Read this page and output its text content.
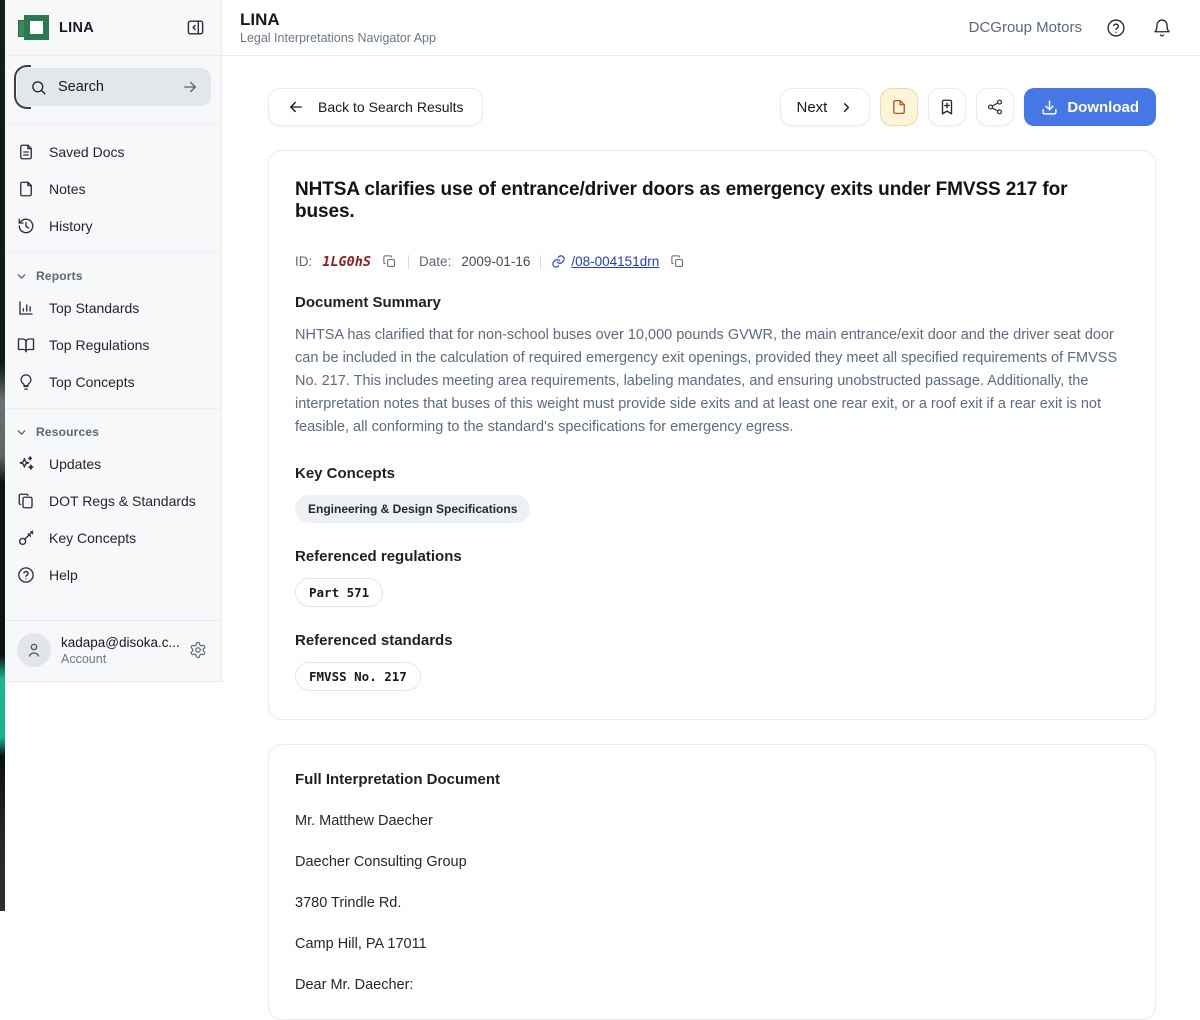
LINA
Search
Saved Docs
Notes
History
Reports
Top Standards
Top Regulations
Top Concepts
Resources
Updates
DOT Regs & Standards
Key Concepts
Help
kadapa@disoka.c...
Account
LINA
Legal Interpretations Navigator App
DCGroup Motors
Back to Search Results	Next	Download
NHTSA clarifies use of entrance/driver doors as emergency exits under FMVSS 217 for buses.
ID: 1LG0hS	Date: 2009-01-16	/08-004151drn
Document Summary

NHTSA has clarified that for non-school buses over 10,000 pounds GVWR, the main entrance/exit door and the driver seat door can be included in the calculation of required emergency exit openings, provided they meet all specified requirements of FMVSS No. 217. This includes meeting area requirements, labeling mandates, and ensuring unobstructed passage. Additionally, the interpretation notes that buses of this weight must provide side exits and at least one rear exit, or a roof exit if a rear exit is not feasible, all conforming to the standard's specifications for emergency egress.

Key Concepts
Engineering & Design Specifications
Referenced regulations
Part 571
Referenced standards
FMVSS No. 217
Full Interpretation Document

Mr. Matthew Daecher

Daecher Consulting Group

3780 Trindle Rd.

Camp Hill, PA 17011

Dear Mr. Daecher:
